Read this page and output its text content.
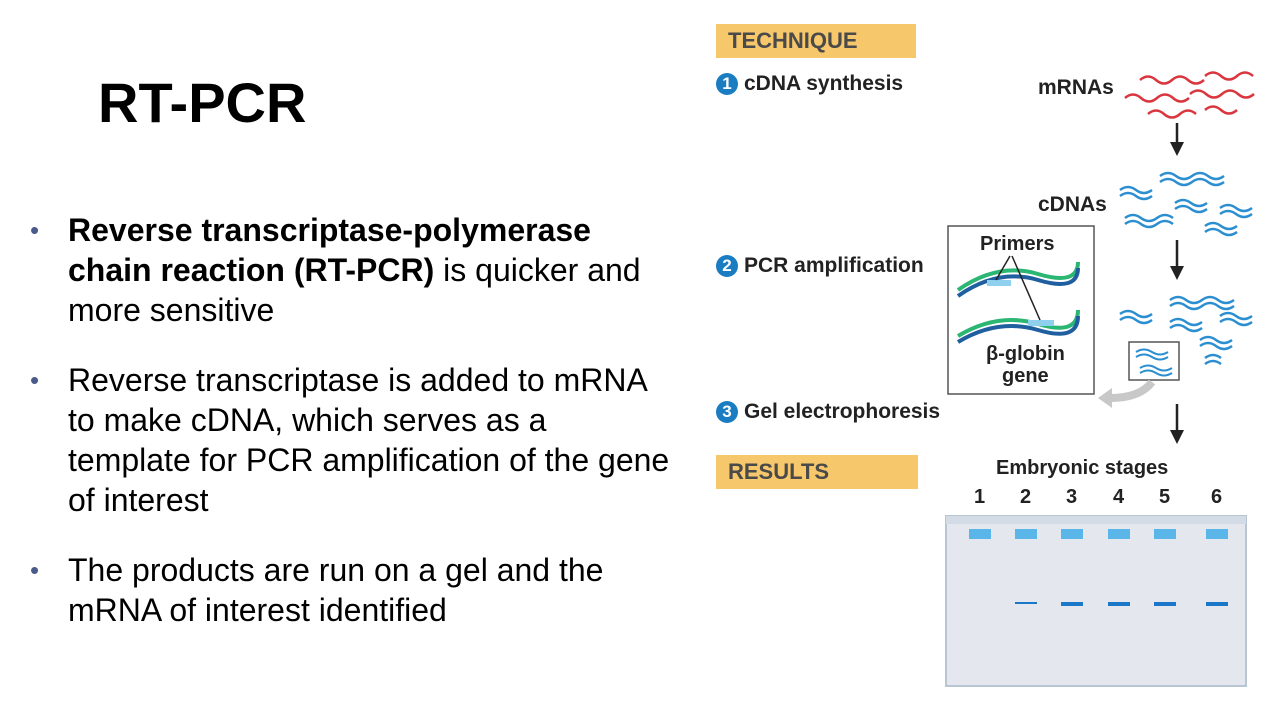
RT-PCR
• Reverse transcriptase-polymerase chain reaction (RT-PCR) is quicker and more sensitive
• Reverse transcriptase is added to mRNA to make cDNA, which serves as a template for PCR amplification of the gene of interest
• The products are run on a gel and the mRNA of interest identified
TECHNIQUE
1 cDNA synthesis
2 PCR amplification
3 Gel electrophoresis
RESULTS
mRNAs
cDNAs
Primers
β-globin
gene
Embryonic stages
1 2 3 4 5 6
